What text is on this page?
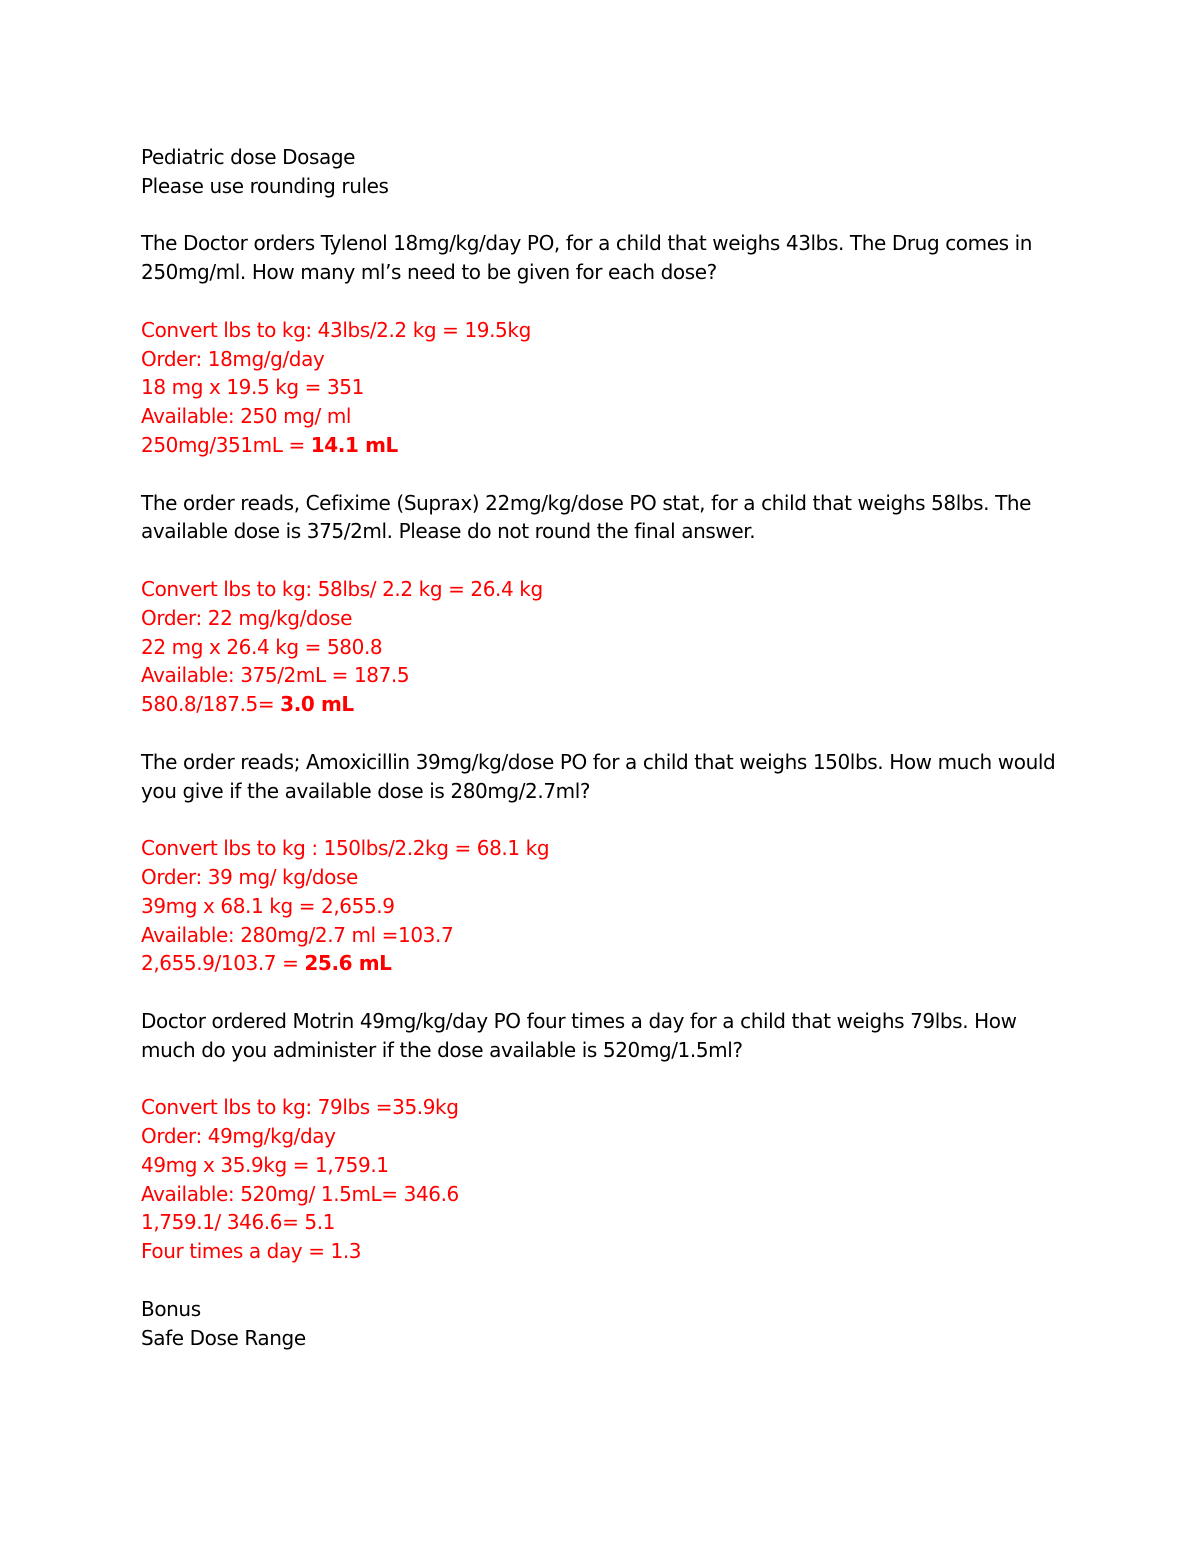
Pediatric dose Dosage
Please use rounding rules
The Doctor orders Tylenol 18mg/kg/day PO, for a child that weighs 43lbs. The Drug comes in
250mg/ml. How many ml’s need to be given for each dose?
Convert lbs to kg: 43lbs/2.2 kg = 19.5kg
Order: 18mg/g/day
18 mg x 19.5 kg = 351
Available: 250 mg/ ml
250mg/351mL = 14.1 mL
The order reads, Cefixime (Suprax) 22mg/kg/dose PO stat, for a child that weighs 58lbs. The
available dose is 375/2ml. Please do not round the final answer.
Convert lbs to kg: 58lbs/ 2.2 kg = 26.4 kg
Order: 22 mg/kg/dose
22 mg x 26.4 kg = 580.8
Available: 375/2mL = 187.5
580.8/187.5= 3.0 mL
The order reads; Amoxicillin 39mg/kg/dose PO for a child that weighs 150lbs. How much would
you give if the available dose is 280mg/2.7ml?
Convert lbs to kg : 150lbs/2.2kg = 68.1 kg
Order: 39 mg/ kg/dose
39mg x 68.1 kg = 2,655.9
Available: 280mg/2.7 ml =103.7
2,655.9/103.7 = 25.6 mL
Doctor ordered Motrin 49mg/kg/day PO four times a day for a child that weighs 79lbs. How
much do you administer if the dose available is 520mg/1.5ml?
Convert lbs to kg: 79lbs =35.9kg
Order: 49mg/kg/day
49mg x 35.9kg = 1,759.1
Available: 520mg/ 1.5mL= 346.6
1,759.1/ 346.6= 5.1
Four times a day = 1.3
Bonus
Safe Dose Range
